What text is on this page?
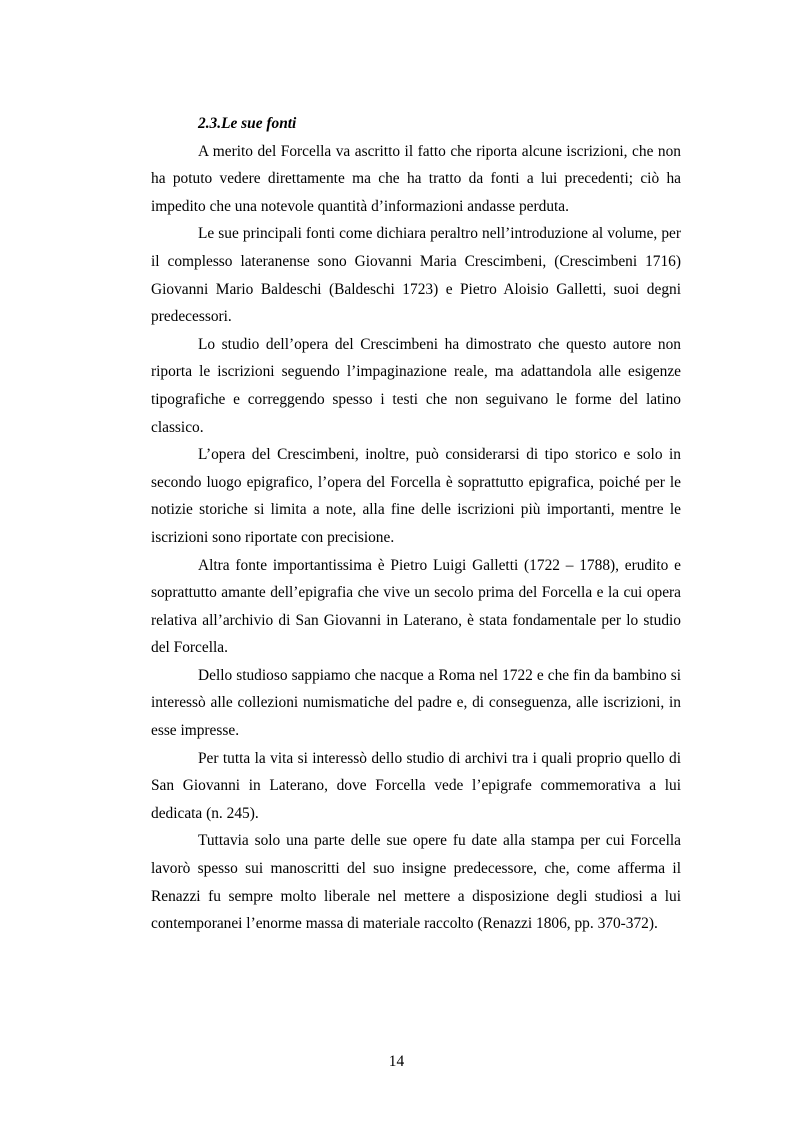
2.3.Le sue fonti

A merito del Forcella va ascritto il fatto che riporta alcune iscrizioni, che non ha potuto vedere direttamente ma che ha tratto da fonti a lui precedenti; ciò ha impedito che una notevole quantità d’informazioni andasse perduta.

Le sue principali fonti come dichiara peraltro nell’introduzione al volume, per il complesso lateranense sono Giovanni Maria Crescimbeni, (Crescimbeni 1716) Giovanni Mario Baldeschi (Baldeschi 1723) e Pietro Aloisio Galletti, suoi degni predecessori.

Lo studio dell’opera del Crescimbeni ha dimostrato che questo autore non riporta le iscrizioni seguendo l’impaginazione reale, ma adattandola alle esigenze tipografiche e correggendo spesso i testi che non seguivano le forme del latino classico.

L’opera del Crescimbeni, inoltre, può considerarsi di tipo storico e solo in secondo luogo epigrafico, l’opera del Forcella è soprattutto epigrafica, poiché per le notizie storiche si limita a note, alla fine delle iscrizioni più importanti, mentre le iscrizioni sono riportate con precisione.

Altra fonte importantissima è Pietro Luigi Galletti (1722 – 1788), erudito e soprattutto amante dell’epigrafia che vive un secolo prima del Forcella e la cui opera relativa all’archivio di San Giovanni in Laterano, è stata fondamentale per lo studio del Forcella.

Dello studioso sappiamo che nacque a Roma nel 1722 e che fin da bambino si interessò alle collezioni numismatiche del padre e, di conseguenza, alle iscrizioni, in esse impresse.

Per tutta la vita si interessò dello studio di archivi tra i quali proprio quello di San Giovanni in Laterano, dove Forcella vede l’epigrafe commemorativa a lui dedicata (n. 245).

Tuttavia solo una parte delle sue opere fu date alla stampa per cui Forcella lavorò spesso sui manoscritti del suo insigne predecessore, che, come afferma il Renazzi fu sempre molto liberale nel mettere a disposizione degli studiosi a lui contemporanei l’enorme massa di materiale raccolto (Renazzi 1806, pp. 370-372).

14
